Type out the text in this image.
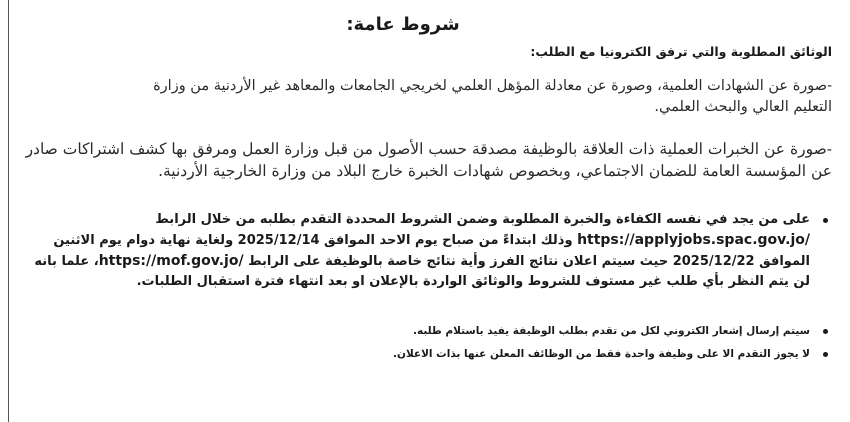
شروط عامة:
الوثائق المطلوبة والتي ترفق الكترونيا مع الطلب:
-صورة عن الشهادات العلمية، وصورة عن معادلة المؤهل العلمي لخريجي الجامعات والمعاهد غير الأردنية من وزارة التعليم العالي والبحث العلمي.
-صورة عن الخبرات العملية ذات العلاقة بالوظيفة مصدقة حسب الأصول من قبل وزارة العمل ومرفق بها كشف اشتراكات صادر عن المؤسسة العامة للضمان الاجتماعي، وبخصوص شهادات الخبرة خارج البلاد من وزارة الخارجية الأردنية.
على من يجد في نفسه الكفاءة والخبرة المطلوبة وضمن الشروط المحددة التقدم بطلبه من خلال الرابط https://applyjobs.spac.gov.jo/ وذلك ابتداءً من صباح يوم الاحد الموافق 2025/12/14 ولغاية نهاية دوام يوم الاثنين الموافق 2025/12/22 حيث سيتم اعلان نتائج الفرز وأية نتائج خاصة بالوظيفة على الرابط https://mof.gov.jo/، علما بانه لن يتم النظر بأي طلب غير مستوف للشروط والوثائق الواردة بالإعلان او بعد انتهاء فترة استقبال الطلبات.
سيتم إرسال إشعار الكتروني لكل من تقدم بطلب الوظيفة يفيد باستلام طلبه.
لا يجوز التقدم الا على وظيفة واحدة فقط من الوظائف المعلن عنها بذات الاعلان.
